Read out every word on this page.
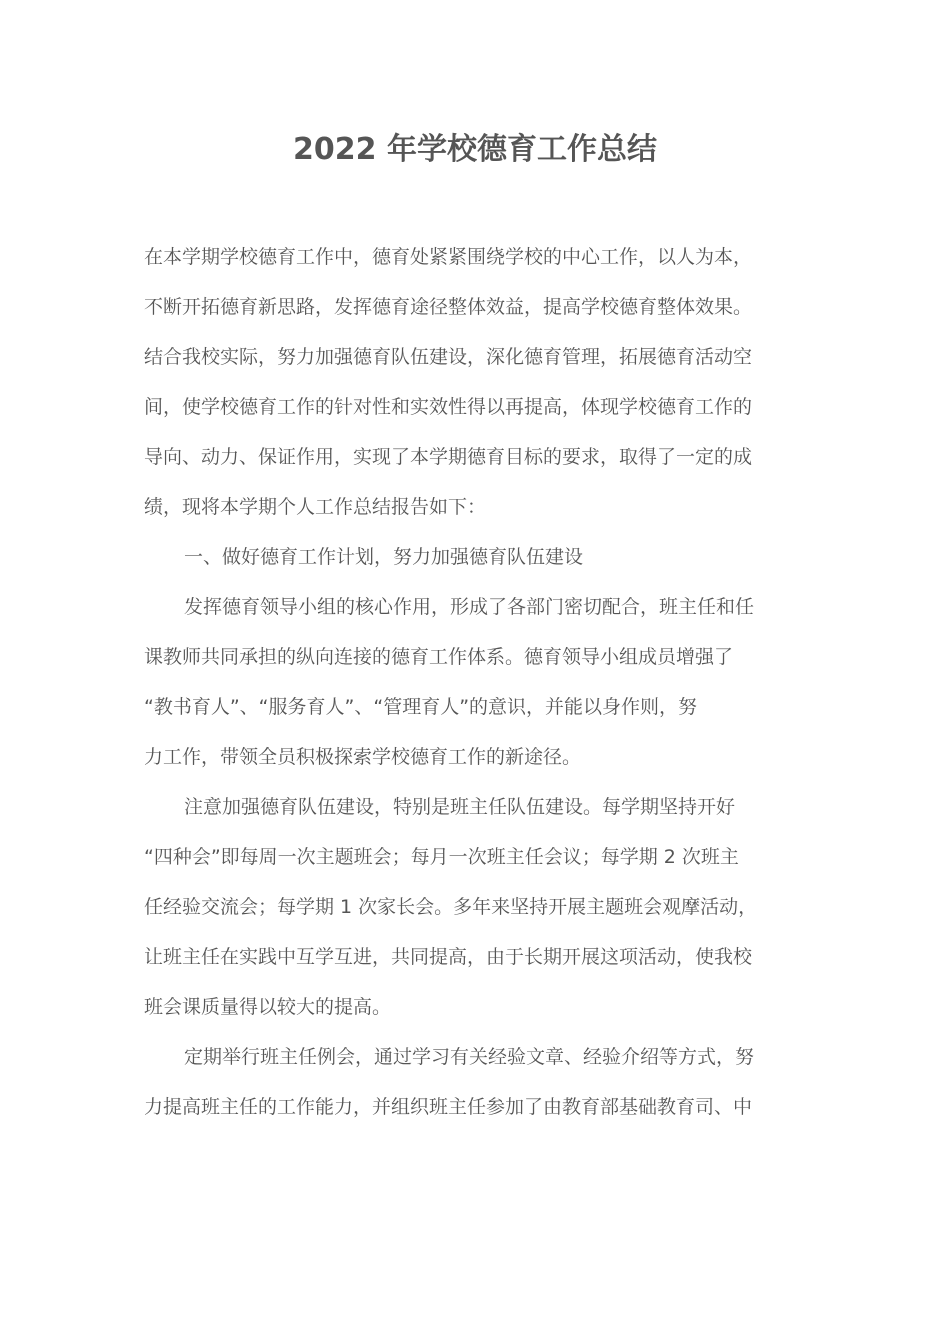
2022 年学校德育工作总结
在本学期学校德育工作中，德育处紧紧围绕学校的中心工作，以人为本，
不断开拓德育新思路，发挥德育途径整体效益，提高学校德育整体效果。
结合我校实际，努力加强德育队伍建设，深化德育管理，拓展德育活动空
间，使学校德育工作的针对性和实效性得以再提高，体现学校德育工作的
导向、动力、保证作用，实现了本学期德育目标的要求，取得了一定的成
绩，现将本学期个人工作总结报告如下：
一、做好德育工作计划，努力加强德育队伍建设
发挥德育领导小组的核心作用，形成了各部门密切配合，班主任和任
课教师共同承担的纵向连接的德育工作体系。德育领导小组成员增强了
“教书育人”、“服务育人”、“管理育人”的意识，并能以身作则，努
力工作，带领全员积极探索学校德育工作的新途径。
注意加强德育队伍建设，特别是班主任队伍建设。每学期坚持开好
“四种会”即每周一次主题班会；每月一次班主任会议；每学期 2 次班主
任经验交流会；每学期 1 次家长会。多年来坚持开展主题班会观摩活动，
让班主任在实践中互学互进，共同提高，由于长期开展这项活动，使我校
班会课质量得以较大的提高。
定期举行班主任例会，通过学习有关经验文章、经验介绍等方式，努
力提高班主任的工作能力，并组织班主任参加了由教育部基础教育司、中
